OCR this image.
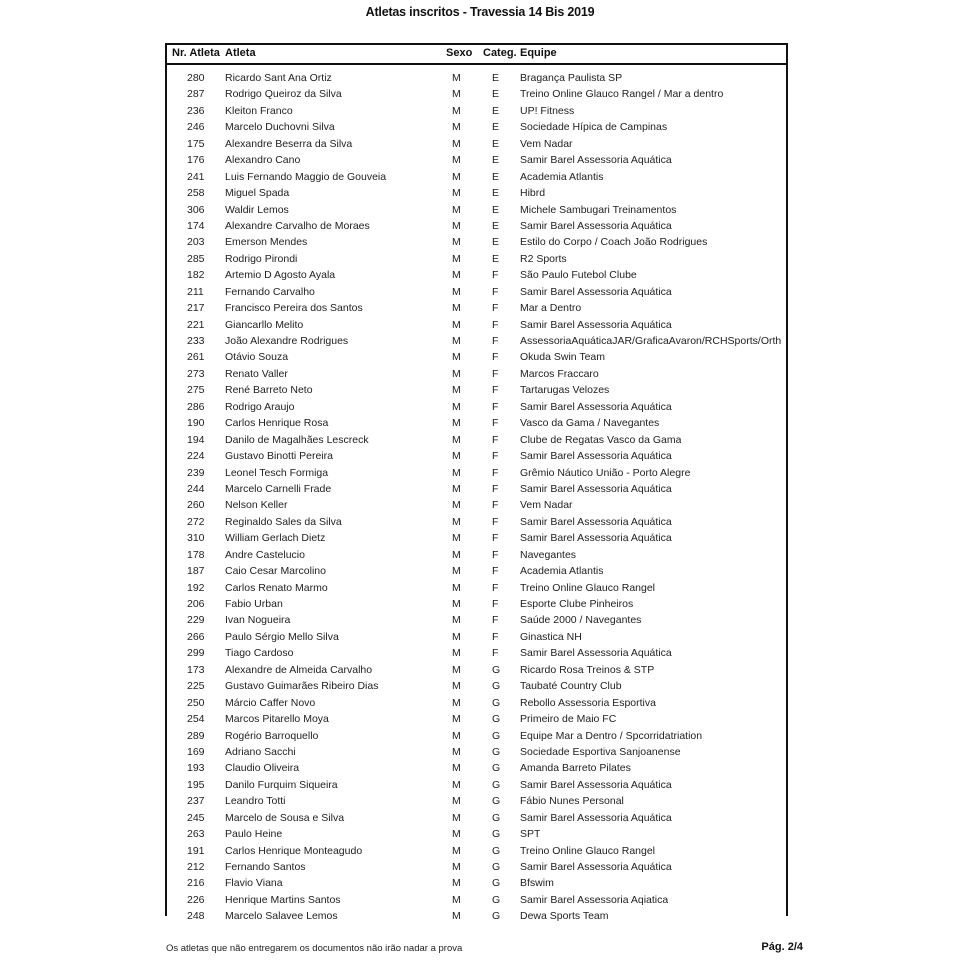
Atletas inscritos - Travessia 14 Bis 2019
Nr. Atleta Atleta	Sexo Categ. Equipe
280 Ricardo Sant Ana Ortiz	M	E Bragança Paulista SP
287 Rodrigo Queiroz da Silva	M	E Treino Online Glauco Rangel / Mar a dentro
236 Kleiton Franco	M	E UP! Fitness
246 Marcelo Duchovni Silva	M	E Sociedade Hípica de Campinas
175 Alexandre Beserra da Silva	M	E Vem Nadar
176 Alexandro Cano	M	E Samir Barel Assessoria Aquática
241 Luis Fernando Maggio de Gouveia	M	E Academia Atlantis
258 Miguel Spada	M	E Hibrd
306 Waldir Lemos	M	E Michele Sambugari Treinamentos
174 Alexandre Carvalho de Moraes	M	E Samir Barel Assessoria Aquática
203 Emerson Mendes	M	E Estilo do Corpo / Coach João Rodrigues
285 Rodrigo Pirondi	M	E R2 Sports
182 Artemio D Agosto Ayala	M	F São Paulo Futebol Clube
211 Fernando Carvalho	M	F Samir Barel Assessoria Aquática
217 Francisco Pereira dos Santos	M	F Mar a Dentro
221 Giancarllo Melito	M	F Samir Barel Assessoria Aquática
233 João Alexandre Rodrigues	M	F AssessoriaAquáticaJAR/GraficaAvaron/RCHSports/Orth
261 Otávio Souza	M	F Okuda Swin Team
273 Renato Valler	M	F Marcos Fraccaro
275 René Barreto Neto	M	F Tartarugas Velozes
286 Rodrigo Araujo	M	F Samir Barel Assessoria Aquática
190 Carlos Henrique Rosa	M	F Vasco da Gama / Navegantes
194 Danilo de Magalhães Lescreck	M	F Clube de Regatas Vasco da Gama
224 Gustavo Binotti Pereira	M	F Samir Barel Assessoria Aquática
239 Leonel Tesch Formiga	M	F Grêmio Náutico União - Porto Alegre
244 Marcelo Carnelli Frade	M	F Samir Barel Assessoria Aquática
260 Nelson Keller	M	F Vem Nadar
272 Reginaldo Sales da Silva	M	F Samir Barel Assessoria Aquática
310 William Gerlach Dietz	M	F Samir Barel Assessoria Aquática
178 Andre Castelucio	M	F Navegantes
187 Caio Cesar Marcolino	M	F Academia Atlantis
192 Carlos Renato Marmo	M	F Treino Online Glauco Rangel
206 Fabio Urban	M	F Esporte Clube Pinheiros
229 Ivan Nogueira	M	F Saúde 2000 / Navegantes
266 Paulo Sérgio Mello Silva	M	F Ginastica NH
299 Tiago Cardoso	M	F Samir Barel Assessoria Aquática
173 Alexandre de Almeida Carvalho	M	G Ricardo Rosa Treinos & STP
225 Gustavo Guimarães Ribeiro Dias	M	G Taubaté Country Club
250 Márcio Caffer Novo	M	G Rebollo Assessoria Esportiva
254 Marcos Pitarello Moya	M	G Primeiro de Maio FC
289 Rogério Barroquello	M	G Equipe Mar a Dentro / Spcorridatriation
169 Adriano Sacchi	M	G Sociedade Esportiva Sanjoanense
193 Claudio Oliveira	M	G Amanda Barreto Pilates
195 Danilo Furquim Siqueira	M	G Samir Barel Assessoria Aquática
237 Leandro Totti	M	G Fábio Nunes Personal
245 Marcelo de Sousa e Silva	M	G Samir Barel Assessoria Aquática
263 Paulo Heine	M	G SPT
191 Carlos Henrique Monteagudo	M	G Treino Online Glauco Rangel
212 Fernando Santos	M	G Samir Barel Assessoria Aquática
216 Flavio Viana	M	G Bfswim
226 Henrique Martins Santos	M	G Samir Barel Assessoria Aqiatica
248 Marcelo Salavee Lemos	M	G Dewa Sports Team
Os atletas que não entregarem os documentos não irão nadar a prova	Pág. 2/4
